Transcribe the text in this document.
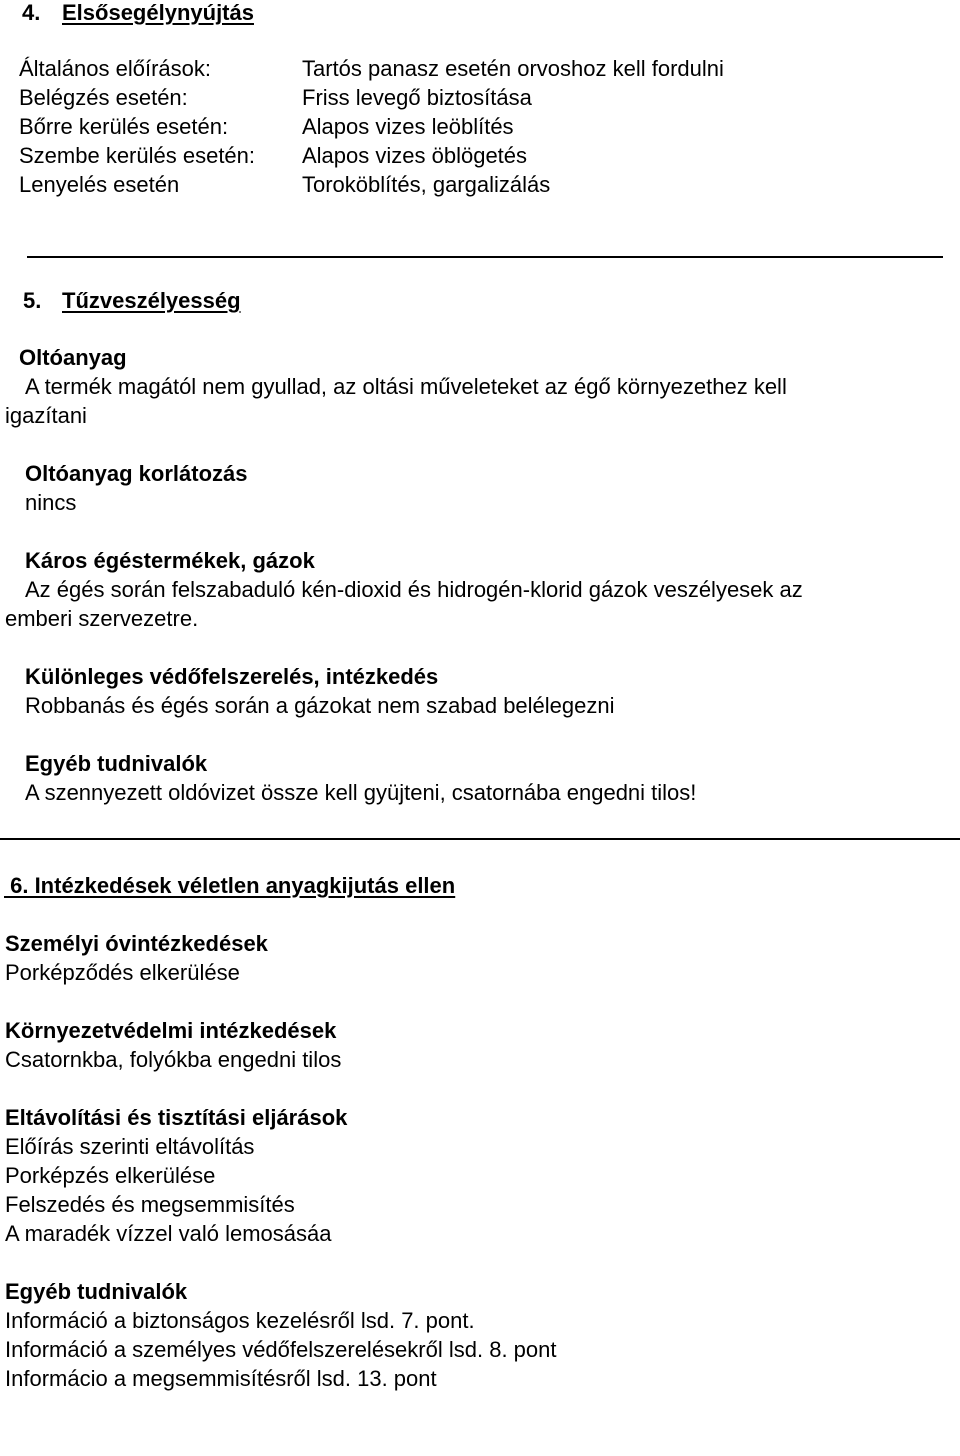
4. Elsősegélynyújtás
Általános előírások:	Tartós panasz esetén orvoshoz kell fordulni
Belégzés esetén:	Friss levegő biztosítása
Bőrre kerülés esetén:	Alapos vizes leöblítés
Szembe kerülés esetén: Alapos vizes öblögetés
Lenyelés esetén	Toroköblítés, gargalizálás
5. Tűzveszélyesség
Oltóanyag
A termék magától nem gyullad, az oltási műveleteket az égő környezethez kell
igazítani
Oltóanyag korlátozás
nincs
Káros égéstermékek, gázok
Az égés során felszabaduló kén-dioxid és hidrogén-klorid gázok veszélyesek az
emberi szervezetre.
Különleges védőfelszerelés, intézkedés
Robbanás és égés során a gázokat nem szabad belélegezni
Egyéb tudnivalók
A szennyezett oldóvizet össze kell gyüjteni, csatornába engedni tilos!
6. Intézkedések véletlen anyagkijutás ellen
Személyi óvintézkedések
Porképződés elkerülése
Környezetvédelmi intézkedések
Csatornkba, folyókba engedni tilos
Eltávolítási és tisztítási eljárások
Előírás szerinti eltávolítás
Porképzés elkerülése
Felszedés és megsemmisítés
A maradék vízzel való lemosásáa
Egyéb tudnivalók
Információ a biztonságos kezelésről lsd. 7. pont.
Információ a személyes védőfelszerelésekről lsd. 8. pont
Informácio a megsemmisítésről lsd. 13. pont
